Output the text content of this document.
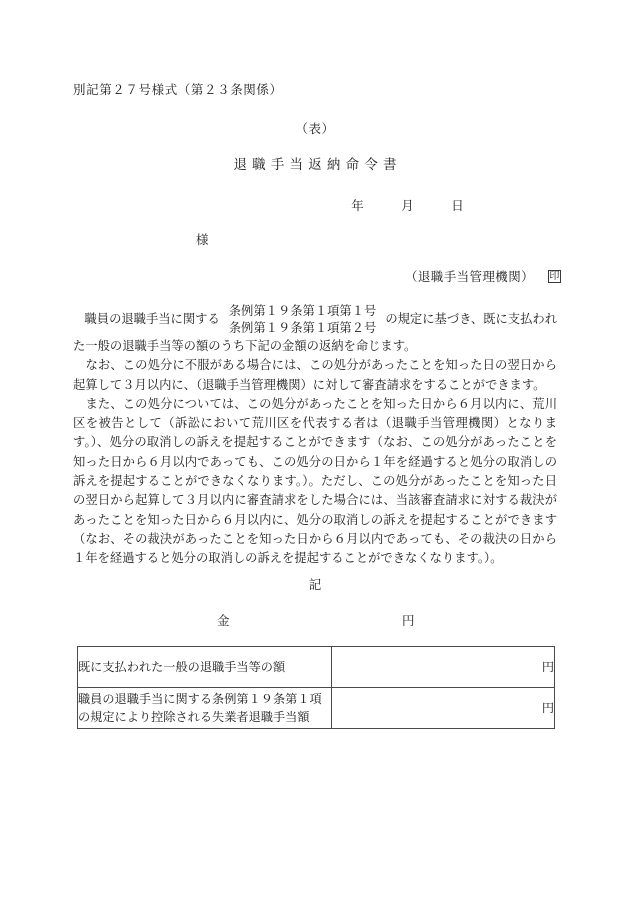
別記第２７号様式（第２３条関係）
（表）
退職手当返納命令書
年　　　月　　　日
様
（退職手当管理機関） 印
職員の退職手当に関する
条例第１９条第１項第１号
条例第１９条第１項第２号
の規定に基づき、既に支払われ
た一般の退職手当等の額のうち下記の金額の返納を命じます。

なお、この処分に不服がある場合には、この処分があったことを知った日の翌日から起算して３月以内に、（退職手当管理機関）に対して審査請求をすることができます。

また、この処分については、この処分があったことを知った日から６月以内に、荒川区を被告として（訴訟において荒川区を代表する者は（退職手当管理機関）となります。）、処分の取消しの訴えを提起することができます（なお、この処分があったことを知った日から６月以内であっても、この処分の日から１年を経過すると処分の取消しの訴えを提起することができなくなります。）。ただし、この処分があったことを知った日の翌日から起算して３月以内に審査請求をした場合には、当該審査請求に対する裁決があったことを知った日から６月以内に、処分の取消しの訴えを提起することができます（なお、その裁決があったことを知った日から６月以内であっても、その裁決の日から１年を経過すると処分の取消しの訴えを提起することができなくなります。）。

記
金	円
既に支払われた一般の退職手当等の額	円

職員の退職手当に関する条例第１９条第１項
の規定により控除される失業者退職手当額	円
